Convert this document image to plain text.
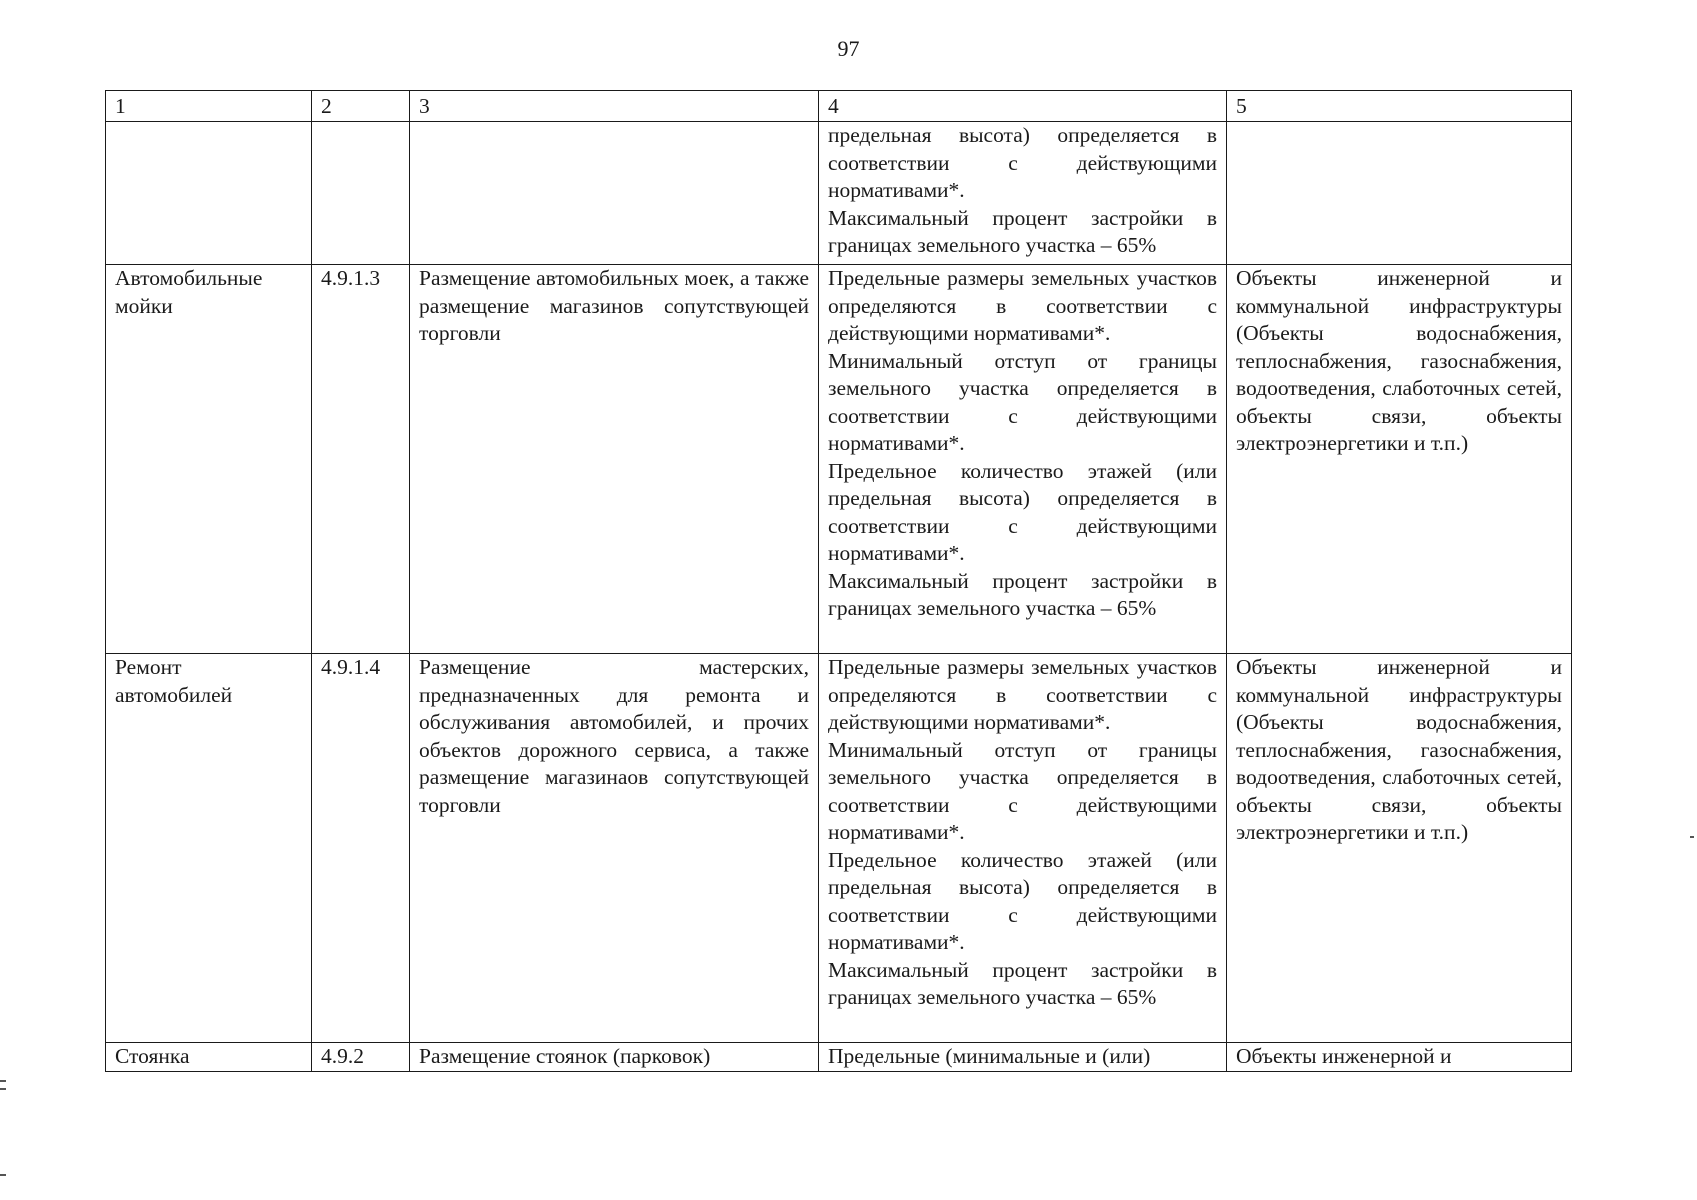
97
1	2	3	4	5

			предельная высота) определяется в соответствии с действующими нормативами*.

Максимальный процент застройки в границах земельного участка – 65%	

Автомобильные мойки	4.9.1.3	Размещение автомобильных моек, а также размещение магазинов сопутствующей торговли	Предельные размеры земельных участков определяются в соответствии с действующими нормативами*.

Минимальный отступ от границы земельного участка определяется в соответствии с действующими нормативами*.

Предельное количество этажей (или предельная высота) определяется в соответствии с действующими нормативами*.

Максимальный процент застройки в границах земельного участка – 65%	Объекты инженерной и коммунальной инфраструктуры (Объекты водоснабжения, теплоснабжения, газоснабжения, водоотведения, слаботочных сетей, объекты связи, объекты электроэнергетики и т.п.)

Ремонт автомобилей	4.9.1.4	Размещение мастерских, предназначенных для ремонта и обслуживания автомобилей, и прочих объектов дорожного сервиса, а также размещение магазинаов сопутствующей торговли	Предельные размеры земельных участков определяются в соответствии с действующими нормативами*.

Минимальный отступ от границы земельного участка определяется в соответствии с действующими нормативами*.

Предельное количество этажей (или предельная высота) определяется в соответствии с действующими нормативами*.

Максимальный процент застройки в границах земельного участка – 65%	Объекты инженерной и коммунальной инфраструктуры (Объекты водоснабжения, теплоснабжения, газоснабжения, водоотведения, слаботочных сетей, объекты связи, объекты электроэнергетики и т.п.)

Стоянка	4.9.2	Размещение стоянок (парковок)	Предельные (минимальные и (или)	Объекты инженерной и
